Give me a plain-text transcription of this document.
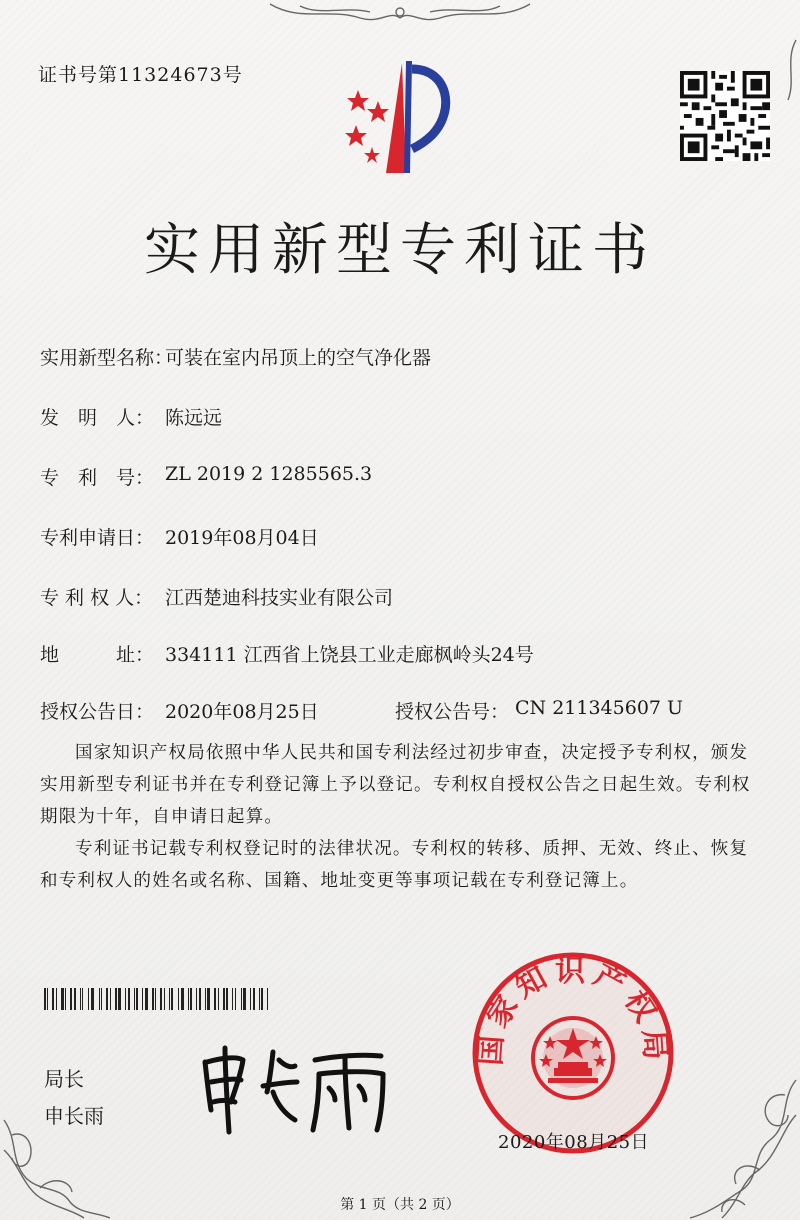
证书号第11324673号
实用新型专利证书
实用新型名称：
可装在室内吊顶上的空气净化器
发　明　人： 陈远远
专　利　号： ZL 2019 2 1285565.3
专利申请日： 2019年08月04日
专 利 权 人： 江西楚迪科技实业有限公司
地　　　址： 334111 江西省上饶县工业走廊枫岭头24号
授权公告日： 2020年08月25日	授权公告号： CN 211345607 U
国家知识产权局依照中华人民共和国专利法经过初步审查，决定授予专利权，颁发实用新型专利证书并在专利登记簿上予以登记。专利权自授权公告之日起生效。专利权期限为十年，自申请日起算。
专利证书记载专利权登记时的法律状况。专利权的转移、质押、无效、终止、恢复和专利权人的姓名或名称、国籍、地址变更等事项记载在专利登记簿上。
局长
申长雨
国家知识产权局
2020年08月25日
第 1 页（共 2 页）
